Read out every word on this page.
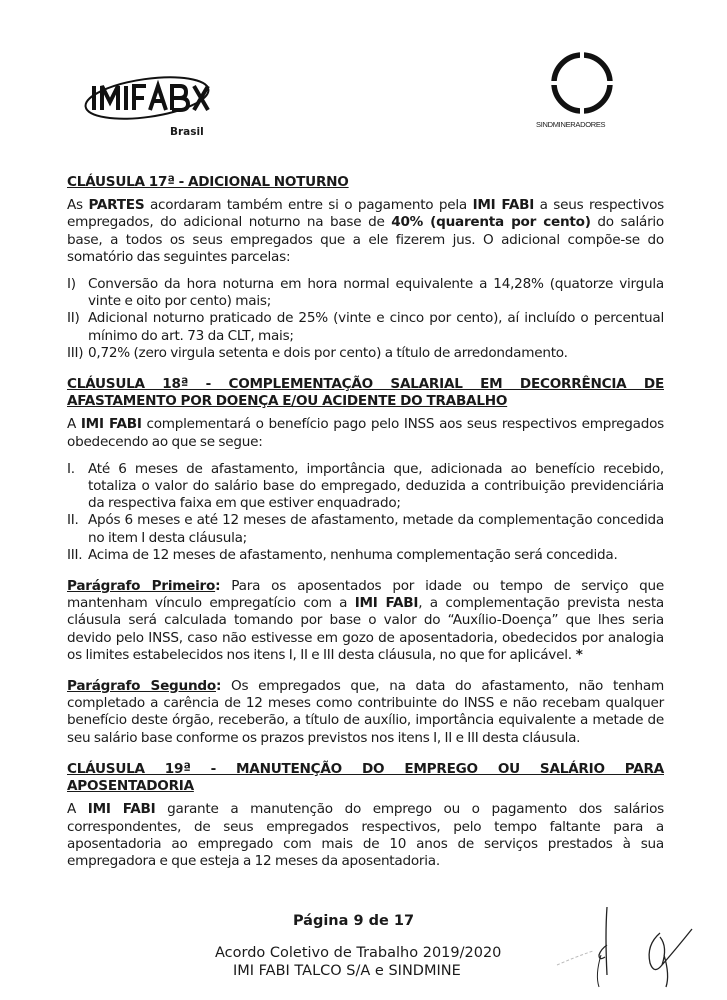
Brasil
SINDMINERADORES
CLÁUSULA 17ª - ADICIONAL NOTURNO

As PARTES acordaram também entre si o pagamento pela IMI FABI a seus respectivos empregados, do adicional noturno na base de 40% (quarenta por cento) do salário base, a todos os seus empregados que a ele fizerem jus. O adicional compõe-se do somatório das seguintes parcelas:

I) Conversão da hora noturna em hora normal equivalente a 14,28% (quatorze virgula vinte e oito por cento) mais;
II) Adicional noturno praticado de 25% (vinte e cinco por cento), aí incluído o percentual mínimo do art. 73 da CLT, mais;
III) 0,72% (zero virgula setenta e dois por cento) a título de arredondamento.
CLÁUSULA 18ª - COMPLEMENTAÇÃO SALARIAL EM DECORRÊNCIA DE AFASTAMENTO POR DOENÇA E/OU ACIDENTE DO TRABALHO

A IMI FABI complementará o benefício pago pelo INSS aos seus respectivos empregados obedecendo ao que se segue:

I. Até 6 meses de afastamento, importância que, adicionada ao benefício recebido, totaliza o valor do salário base do empregado, deduzida a contribuição previdenciária da respectiva faixa em que estiver enquadrado;
II. Após 6 meses e até 12 meses de afastamento, metade da complementação concedida no item I desta cláusula;
III. Acima de 12 meses de afastamento, nenhuma complementação será concedida.

Parágrafo Primeiro: Para os aposentados por idade ou tempo de serviço que mantenham vínculo empregatício com a IMI FABI, a complementação prevista nesta cláusula será calculada tomando por base o valor do “Auxílio-Doença” que lhes seria devido pelo INSS, caso não estivesse em gozo de aposentadoria, obedecidos por analogia os limites estabelecidos nos itens I, II e III desta cláusula, no que for aplicável. *

Parágrafo Segundo: Os empregados que, na data do afastamento, não tenham completado a carência de 12 meses como contribuinte do INSS e não recebam qualquer benefício deste órgão, receberão, a título de auxílio, importância equivalente a metade de seu salário base conforme os prazos previstos nos itens I, II e III desta cláusula.

CLÁUSULA 19ª - MANUTENÇÃO DO EMPREGO OU SALÁRIO PARA APOSENTADORIA

A IMI FABI garante a manutenção do emprego ou o pagamento dos salários correspondentes, de seus empregados respectivos, pelo tempo faltante para a aposentadoria ao empregado com mais de 10 anos de serviços prestados à sua empregadora e que esteja a 12 meses da aposentadoria.

Página 9 de 17
Acordo Coletivo de Trabalho 2019/2020
IMI FABI TALCO S/A e SINDMINE
